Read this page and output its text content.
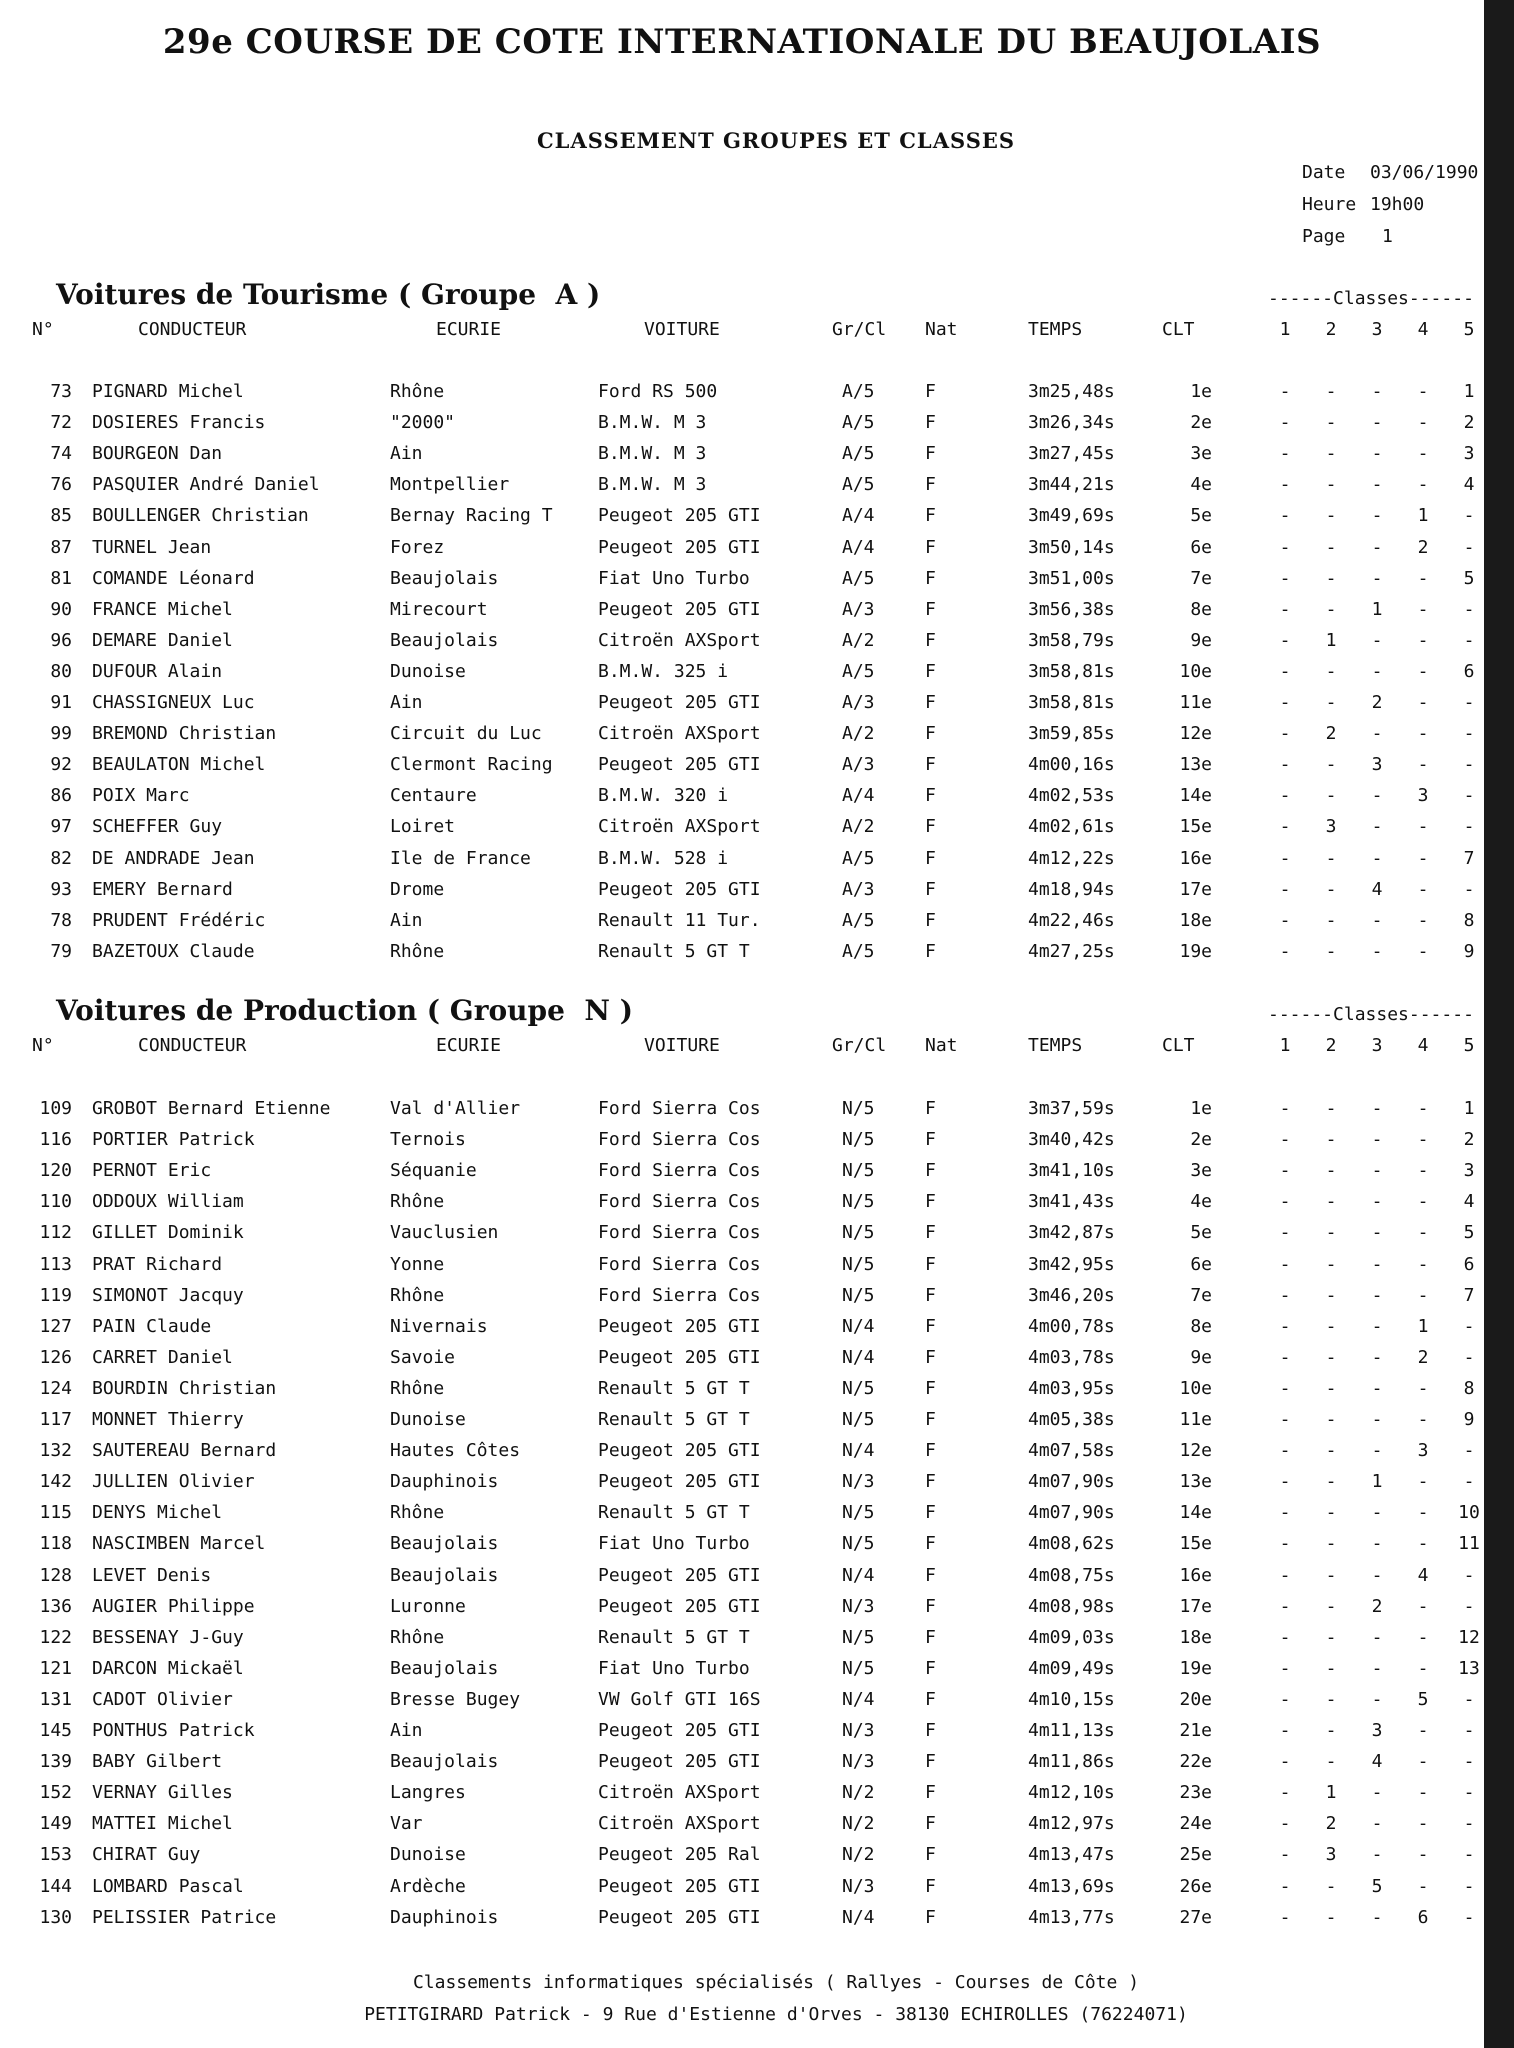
29e COURSE DE COTE INTERNATIONALE DU BEAUJOLAIS
CLASSEMENT GROUPES ET CLASSES
Date 03/06/1990
Heure 19h00
Page 1
Voitures de Tourisme ( Groupe  A )	------Classes------
N°	CONDUCTEUR	ECURIE	VOITURE	Gr/Cl Nat	TEMPS	CLT	1	2	3	4	5
73 PIGNARD Michel	Rhône	Ford RS 500	A/5	F	3m25,48s	1e	-	-	-	-	1
72 DOSIERES Francis	"2000"	B.M.W. M 3	A/5	F	3m26,34s	2e	-	-	-	-	2
74 BOURGEON Dan	Ain	B.M.W. M 3	A/5	F	3m27,45s	3e	-	-	-	-	3
76 PASQUIER André Daniel	Montpellier	B.M.W. M 3	A/5	F	3m44,21s	4e	-	-	-	-	4
85 BOULLENGER Christian	Bernay Racing T	Peugeot 205 GTI	A/4	F	3m49,69s	5e	-	-	-	1	-
87 TURNEL Jean	Forez	Peugeot 205 GTI	A/4	F	3m50,14s	6e	-	-	-	2	-
81 COMANDE Léonard	Beaujolais	Fiat Uno Turbo	A/5	F	3m51,00s	7e	-	-	-	-	5
90 FRANCE Michel	Mirecourt	Peugeot 205 GTI	A/3	F	3m56,38s	8e	-	-	1	-	-
96 DEMARE Daniel	Beaujolais	Citroën AXSport	A/2	F	3m58,79s	9e	-	1	-	-	-
80 DUFOUR Alain	Dunoise	B.M.W. 325 i	A/5	F	3m58,81s	10e	-	-	-	-	6
91 CHASSIGNEUX Luc	Ain	Peugeot 205 GTI	A/3	F	3m58,81s	11e	-	-	2	-	-
99 BREMOND Christian	Circuit du Luc	Citroën AXSport	A/2	F	3m59,85s	12e	-	2	-	-	-
92 BEAULATON Michel	Clermont Racing	Peugeot 205 GTI	A/3	F	4m00,16s	13e	-	-	3	-	-
86 POIX Marc	Centaure	B.M.W. 320 i	A/4	F	4m02,53s	14e	-	-	-	3	-
97 SCHEFFER Guy	Loiret	Citroën AXSport	A/2	F	4m02,61s	15e	-	3	-	-	-
82 DE ANDRADE Jean	Ile de France	B.M.W. 528 i	A/5	F	4m12,22s	16e	-	-	-	-	7
93 EMERY Bernard	Drome	Peugeot 205 GTI	A/3	F	4m18,94s	17e	-	-	4	-	-
78 PRUDENT Frédéric	Ain	Renault 11 Tur.	A/5	F	4m22,46s	18e	-	-	-	-	8
79 BAZETOUX Claude	Rhône	Renault 5 GT T	A/5	F	4m27,25s	19e	-	-	-	-	9
Voitures de Production ( Groupe  N )	------Classes------
N°	CONDUCTEUR	ECURIE	VOITURE	Gr/Cl Nat	TEMPS	CLT	1	2	3	4	5
109 GROBOT Bernard Etienne	Val d'Allier	Ford Sierra Cos	N/5	F	3m37,59s	1e	-	-	-	-	1
116 PORTIER Patrick	Ternois	Ford Sierra Cos	N/5	F	3m40,42s	2e	-	-	-	-	2
120 PERNOT Eric	Séquanie	Ford Sierra Cos	N/5	F	3m41,10s	3e	-	-	-	-	3
110 ODDOUX William	Rhône	Ford Sierra Cos	N/5	F	3m41,43s	4e	-	-	-	-	4
112 GILLET Dominik	Vauclusien	Ford Sierra Cos	N/5	F	3m42,87s	5e	-	-	-	-	5
113 PRAT Richard	Yonne	Ford Sierra Cos	N/5	F	3m42,95s	6e	-	-	-	-	6
119 SIMONOT Jacquy	Rhône	Ford Sierra Cos	N/5	F	3m46,20s	7e	-	-	-	-	7
127 PAIN Claude	Nivernais	Peugeot 205 GTI	N/4	F	4m00,78s	8e	-	-	-	1	-
126 CARRET Daniel	Savoie	Peugeot 205 GTI	N/4	F	4m03,78s	9e	-	-	-	2	-
124 BOURDIN Christian	Rhône	Renault 5 GT T	N/5	F	4m03,95s	10e	-	-	-	-	8
117 MONNET Thierry	Dunoise	Renault 5 GT T	N/5	F	4m05,38s	11e	-	-	-	-	9
132 SAUTEREAU Bernard	Hautes Côtes	Peugeot 205 GTI	N/4	F	4m07,58s	12e	-	-	-	3	-
142 JULLIEN Olivier	Dauphinois	Peugeot 205 GTI	N/3	F	4m07,90s	13e	-	-	1	-	-
115 DENYS Michel	Rhône	Renault 5 GT T	N/5	F	4m07,90s	14e	-	-	-	-	10
118 NASCIMBEN Marcel	Beaujolais	Fiat Uno Turbo	N/5	F	4m08,62s	15e	-	-	-	-	11
128 LEVET Denis	Beaujolais	Peugeot 205 GTI	N/4	F	4m08,75s	16e	-	-	-	4	-
136 AUGIER Philippe	Luronne	Peugeot 205 GTI	N/3	F	4m08,98s	17e	-	-	2	-	-
122 BESSENAY J-Guy	Rhône	Renault 5 GT T	N/5	F	4m09,03s	18e	-	-	-	-	12
121 DARCON Mickaël	Beaujolais	Fiat Uno Turbo	N/5	F	4m09,49s	19e	-	-	-	-	13
131 CADOT Olivier	Bresse Bugey	VW Golf GTI 16S	N/4	F	4m10,15s	20e	-	-	-	5	-
145 PONTHUS Patrick	Ain	Peugeot 205 GTI	N/3	F	4m11,13s	21e	-	-	3	-	-
139 BABY Gilbert	Beaujolais	Peugeot 205 GTI	N/3	F	4m11,86s	22e	-	-	4	-	-
152 VERNAY Gilles	Langres	Citroën AXSport	N/2	F	4m12,10s	23e	-	1	-	-	-
149 MATTEI Michel	Var	Citroën AXSport	N/2	F	4m12,97s	24e	-	2	-	-	-
153 CHIRAT Guy	Dunoise	Peugeot 205 Ral	N/2	F	4m13,47s	25e	-	3	-	-	-
144 LOMBARD Pascal	Ardèche	Peugeot 205 GTI	N/3	F	4m13,69s	26e	-	-	5	-	-
130 PELISSIER Patrice	Dauphinois	Peugeot 205 GTI	N/4	F	4m13,77s	27e	-	-	-	6	-
Classements informatiques spécialisés ( Rallyes - Courses de Côte )
PETITGIRARD Patrick - 9 Rue d'Estienne d'Orves - 38130 ECHIROLLES (76224071)
